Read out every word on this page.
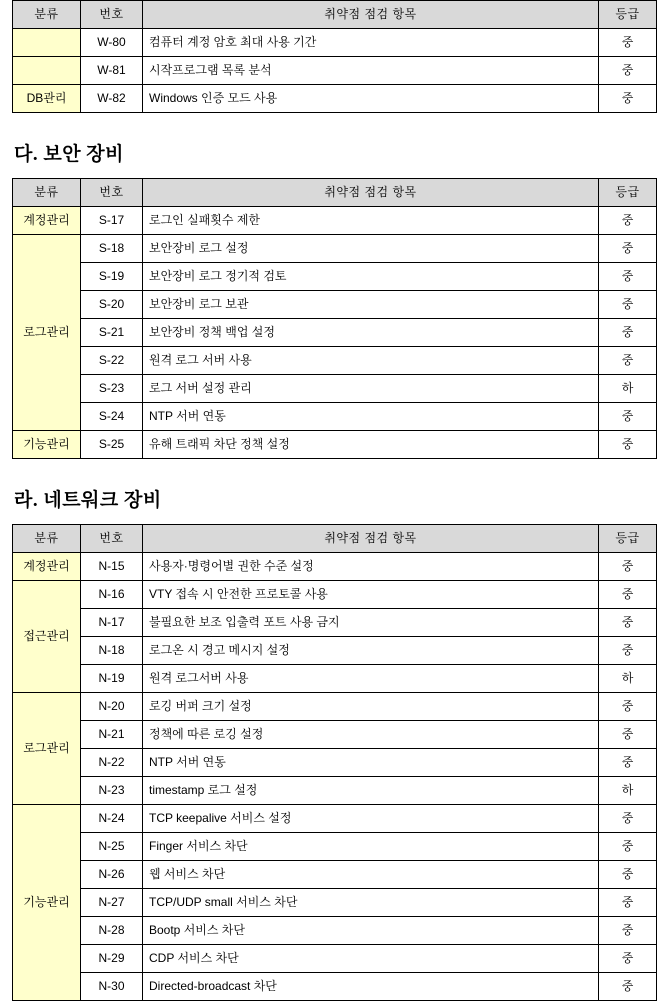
분류	번호	취약점 점검 항목	등급
	W-80	컴퓨터 계정 암호 최대 사용 기간	중
	W-81	시작프로그램 목록 분석	중
DB관리	W-82	Windows 인증 모드 사용	중
다. 보안 장비
분류	번호	취약점 점검 항목	등급
계정관리	S-17	로그인 실패횟수 제한	중
로그관리	S-18	보안장비 로그 설정	중
	S-19	보안장비 로그 정기적 검토	중
	S-20	보안장비 로그 보관	중
	S-21	보안장비 정책 백업 설정	중
	S-22	원격 로그 서버 사용	중
	S-23	로그 서버 설정 관리	하
	S-24	NTP 서버 연동	중
기능관리	S-25	유해 트래픽 차단 정책 설정	중
라. 네트워크 장비
분류	번호	취약점 점검 항목	등급
계정관리	N-15	사용자·명령어별 권한 수준 설정	중
접근관리	N-16	VTY 접속 시 안전한 프로토콜 사용	중
	N-17	불필요한 보조 입출력 포트 사용 금지	중
	N-18	로그온 시 경고 메시지 설정	중
	N-19	원격 로그서버 사용	하
로그관리	N-20	로깅 버퍼 크기 설정	중
	N-21	정책에 따른 로깅 설정	중
	N-22	NTP 서버 연동	중
	N-23	timestamp 로그 설정	하
기능관리	N-24	TCP keepalive 서비스 설정	중
	N-25	Finger 서비스 차단	중
	N-26	웹 서비스 차단	중
	N-27	TCP/UDP small 서비스 차단	중
	N-28	Bootp 서비스 차단	중
	N-29	CDP 서비스 차단	중
	N-30	Directed-broadcast 차단	중
